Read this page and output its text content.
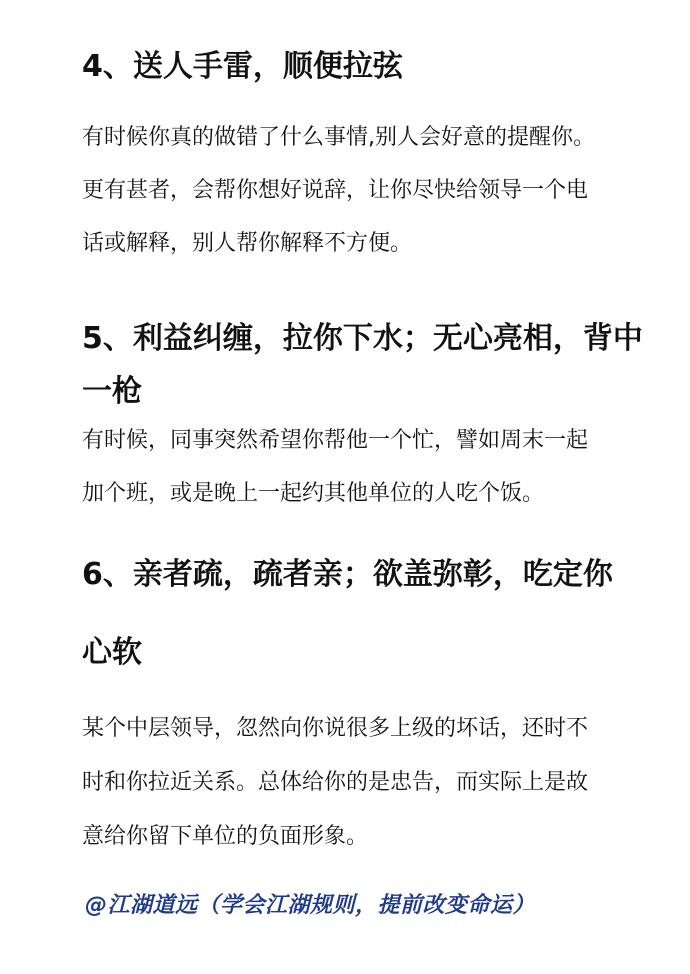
4、送人手雷，顺便拉弦
有时候你真的做错了什么事情,别人会好意的提醒你。
更有甚者，会帮你想好说辞，让你尽快给领导一个电
话或解释，别人帮你解释不方便。
5、利益纠缠，拉你下水；无心亮相，背中
一枪
有时候，同事突然希望你帮他一个忙，譬如周末一起
加个班，或是晚上一起约其他单位的人吃个饭。
6、亲者疏，疏者亲；欲盖弥彰，吃定你
心软
某个中层领导，忽然向你说很多上级的坏话，还时不
时和你拉近关系。总体给你的是忠告，而实际上是故
意给你留下单位的负面形象。
@江湖道远（学会江湖规则，提前改变命运）
